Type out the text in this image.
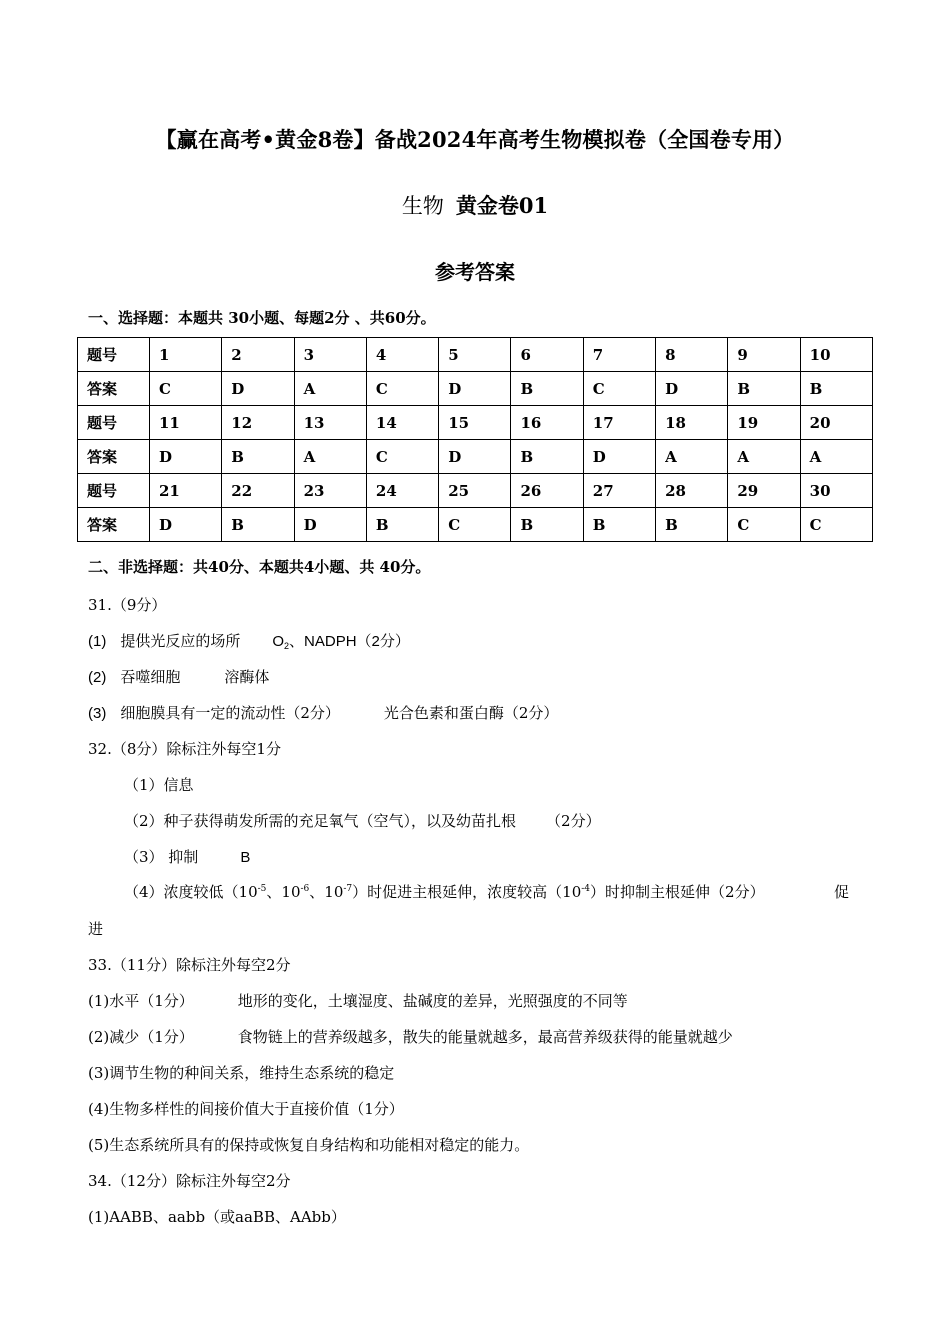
【赢在高考•黄金8卷】备战2024年高考生物模拟卷（全国卷专用）
生物 黄金卷01
参考答案
一、选择题：本题共 30小题、每题2分 、共60分。
题号	1	2	3	4	5	6	7	8	9	10
答案	C	D	A	C	D	B	C	D	B	B
题号	11	12	13	14	15	16	17	18	19	20
答案	D	B	A	C	D	B	D	A	A	A
题号	21	22	23	24	25	26	27	28	29	30
答案	D	B	D	B	C	B	B	B	C	C
二、非选择题：共40分、本题共4小题、共 40分。
31.（9分）
(1) 提供光反应的场所 $O_2$、NADPH（2分）
(2) 吞噬细胞	溶酶体
(3) 细胞膜具有一定的流动性（2分）	光合色素和蛋白酶（2分）
32.（8分）除标注外每空1分
（1）信息
（2）种子获得萌发所需的充足氧气（空气），以及幼苗扎根 （2分）
（3） 抑制	B
（4）浓度较低（$10^{-5}$、$10^{-6}$、$10^{-7}$）时促进主根延伸，浓度较高$(10^{-4})$时抑制主根延伸（2分）	促
进
33.（11分）除标注外每空2分
(1)水平（1分）	地形的变化，土壤湿度、盐碱度的差异，光照强度的不同等
(2)减少（1分）	食物链上的营养级越多，散失的能量就越多，最高营养级获得的能量就越少
(3)调节生物的种间关系，维持生态系统的稳定
(4)生物多样性的间接价值大于直接价值（1分）
(5)生态系统所具有的保持或恢复自身结构和功能相对稳定的能力。
34.（12分）除标注外每空2分
(1)AABB、aabb（或aaBB、AAbb）
